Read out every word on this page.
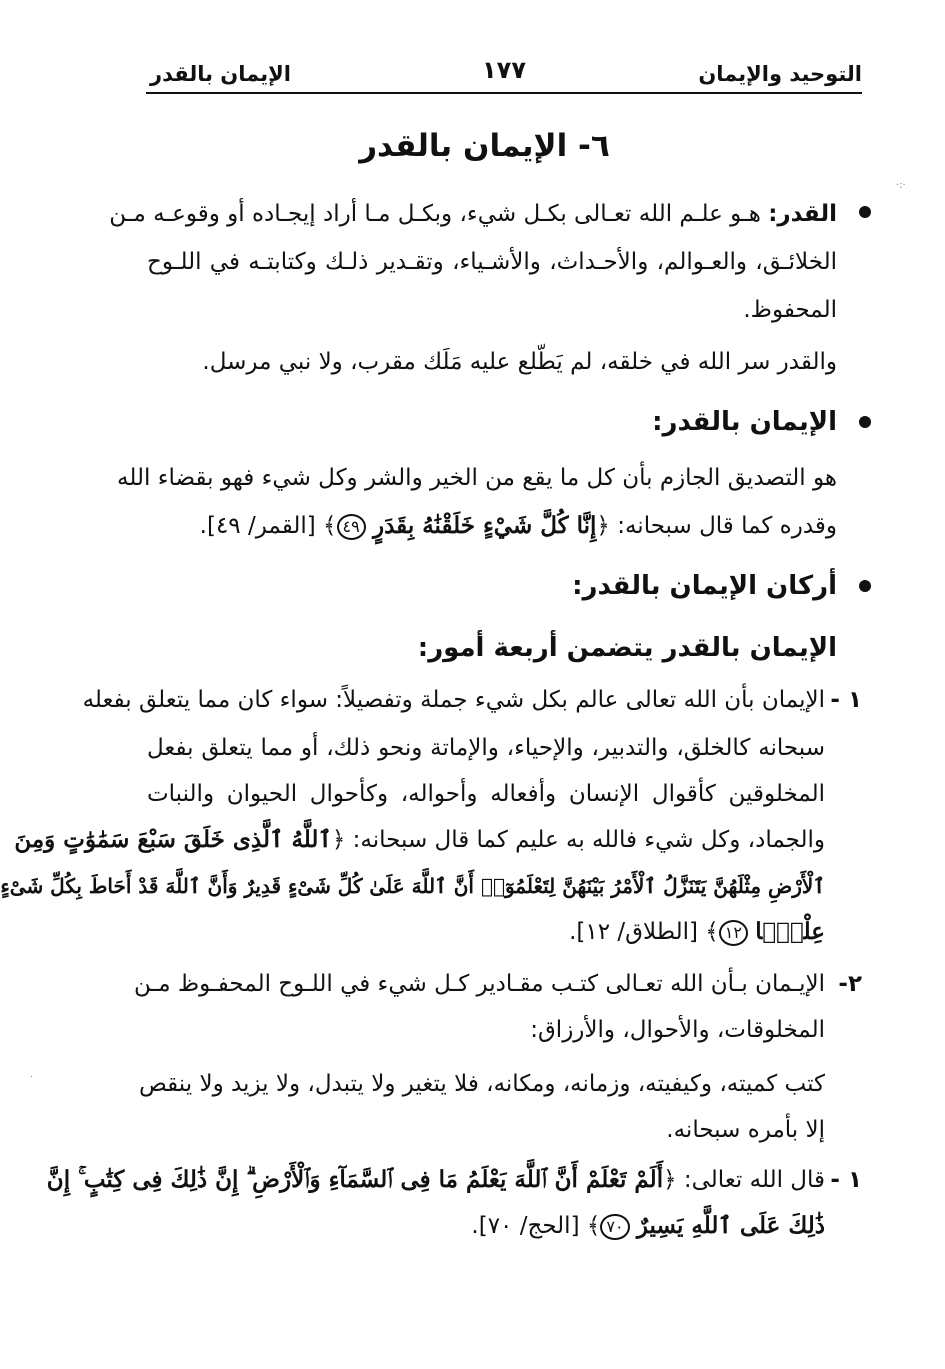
التوحيد والإيمان
١٧٧
الإيمان بالقدر
٦- الإيمان بالقدر
القدر: هـو علـم الله تعـالى بكـل شيء، وبكـل مـا أراد إيجـاده أو وقوعـه مـن
الخلائـق، والعـوالم، والأحـداث، والأشـياء، وتقـدير ذلـك وكتابتـه في اللـوح
المحفوظ.
والقدر سر الله في خلقه، لم يَطّلع عليه مَلَك مقرب، ولا نبي مرسل.
الإيمان بالقدر:
هو التصديق الجازم بأن كل ما يقع من الخير والشر وكل شيء فهو بقضاء الله
وقدره كما قال سبحانه: ﴿إِنَّا كُلَّ شَيْءٍ خَلَقْنَٰهُ بِقَدَرٍ ٤٩﴾ [القمر/ ٤٩].
أركان الإيمان بالقدر:
الإيمان بالقدر يتضمن أربعة أمور:
١ -
الإيمان بأن الله تعالى عالم بكل شيء جملة وتفصيلاً: سواء كان مما يتعلق بفعله
سبحانه كالخلق، والتدبير، والإحياء، والإماتة ونحو ذلك، أو مما يتعلق بفعل
المخلوقين كأقوال الإنسان وأفعاله وأحواله، وكأحوال الحيوان والنبات
والجماد، وكل شيء فالله به عليم كما قال سبحانه: ﴿ٱللَّهُ ٱلَّذِى خَلَقَ سَبْعَ سَمَٰوَٰتٍ وَمِنَ
ٱلْأَرْضِ مِثْلَهُنَّ يَتَنَزَّلُ ٱلْأَمْرُ بَيْنَهُنَّ لِتَعْلَمُوٓا۟ أَنَّ ٱللَّهَ عَلَىٰ كُلِّ شَىْءٍ قَدِيرٌ وَأَنَّ ٱللَّهَ قَدْ أَحَاطَ بِكُلِّ شَىْءٍ
عِلْمًۢا ١٢﴾ [الطلاق/ ١٢].
٢-
الإيـمان بـأن الله تعـالى كتـب مقـادير كـل شيء في اللـوح المحفـوظ مـن
المخلوقات، والأحوال، والأرزاق:
كتب كميته، وكيفيته، وزمانه، ومكانه، فلا يتغير ولا يتبدل، ولا يزيد ولا ينقص
إلا بأمره سبحانه.
١ -
قال الله تعالى: ﴿أَلَمْ تَعْلَمْ أَنَّ ٱللَّهَ يَعْلَمُ مَا فِى ٱلسَّمَآءِ وَٱلْأَرْضِ ۗ إِنَّ ذَٰلِكَ فِى كِتَٰبٍ ۚ إِنَّ
ذَٰلِكَ عَلَى ٱللَّهِ يَسِيرٌ ٧٠﴾ [الحج/ ٧٠].
·:·
·
